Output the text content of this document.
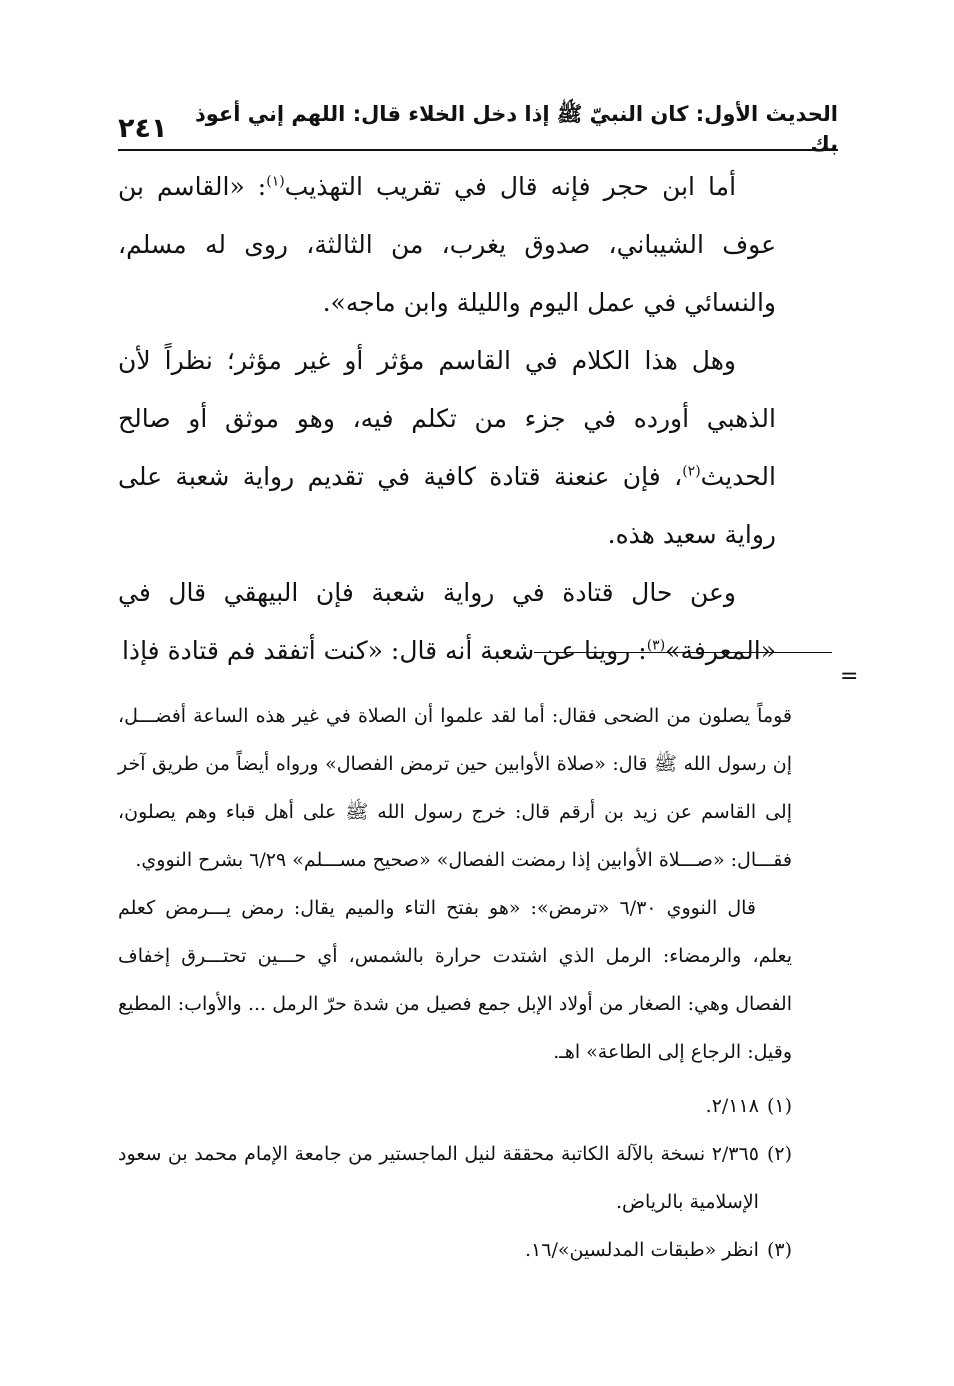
الحديث الأول: كان النبيّ ﷺ إذا دخل الخلاء قال: اللهم إني أعوذ بك
٢٤١

أما ابن حجر فإنه قال في تقريب التهذيب$^{(١)}$: «القاسم بن عوف الشيباني، صدوق يغرب، من الثالثة، روى له مسلم، والنسائي في عمل اليوم والليلة وابن ماجه».

وهل هذا الكلام في القاسم مؤثر أو غير مؤثر؛ نظراً لأن الذهبي أورده في جزء من تكلم فيه، وهو موثق أو صالح الحديث$^{(٢)}$، فإن عنعنة قتادة كافية في تقديم رواية شعبة على رواية سعيد هذه.

وعن حال قتادة في رواية شعبة فإن البيهقي قال في «المعرفة»$^{(٣)}$: روينا عن شعبة أنه قال: «كنت أتفقد فم قتادة فإذا

=

قوماً يصلون من الضحى فقال: أما لقد علموا أن الصلاة في غير هذه الساعة أفضـــل، إن رسول الله ﷺ قال: «صلاة الأوابين حين ترمض الفصال» ورواه أيضاً من طريق آخر إلى القاسم عن زيد بن أرقم قال: خرج رسول الله ﷺ على أهل قباء وهم يصلون، فقـــال: «صـــلاة الأوابين إذا رمضت الفصال» «صحيح مســـلم» ٦/٢٩ بشرح النووي.

قال النووي ٦/٣٠ «ترمض»: «هو بفتح التاء والميم يقال: رمض يـــرمض كعلم يعلم، والرمضاء: الرمل الذي اشتدت حرارة بالشمس، أي حـــين تحتـــرق إخفاف الفصال وهي: الصغار من أولاد الإبل جمع فصيل من شدة حرّ الرمل ... والأواب: المطيع وقيل: الرجاع إلى الطاعة» اهـ.

(١)
٢/١١٨.
(٢)
٢/٣٦٥ نسخة بالآلة الكاتبة محققة لنيل الماجستير من جامعة الإمام محمد بن سعود الإسلامية بالرياض.
(٣)
انظر «طبقات المدلسين»/١٦.
